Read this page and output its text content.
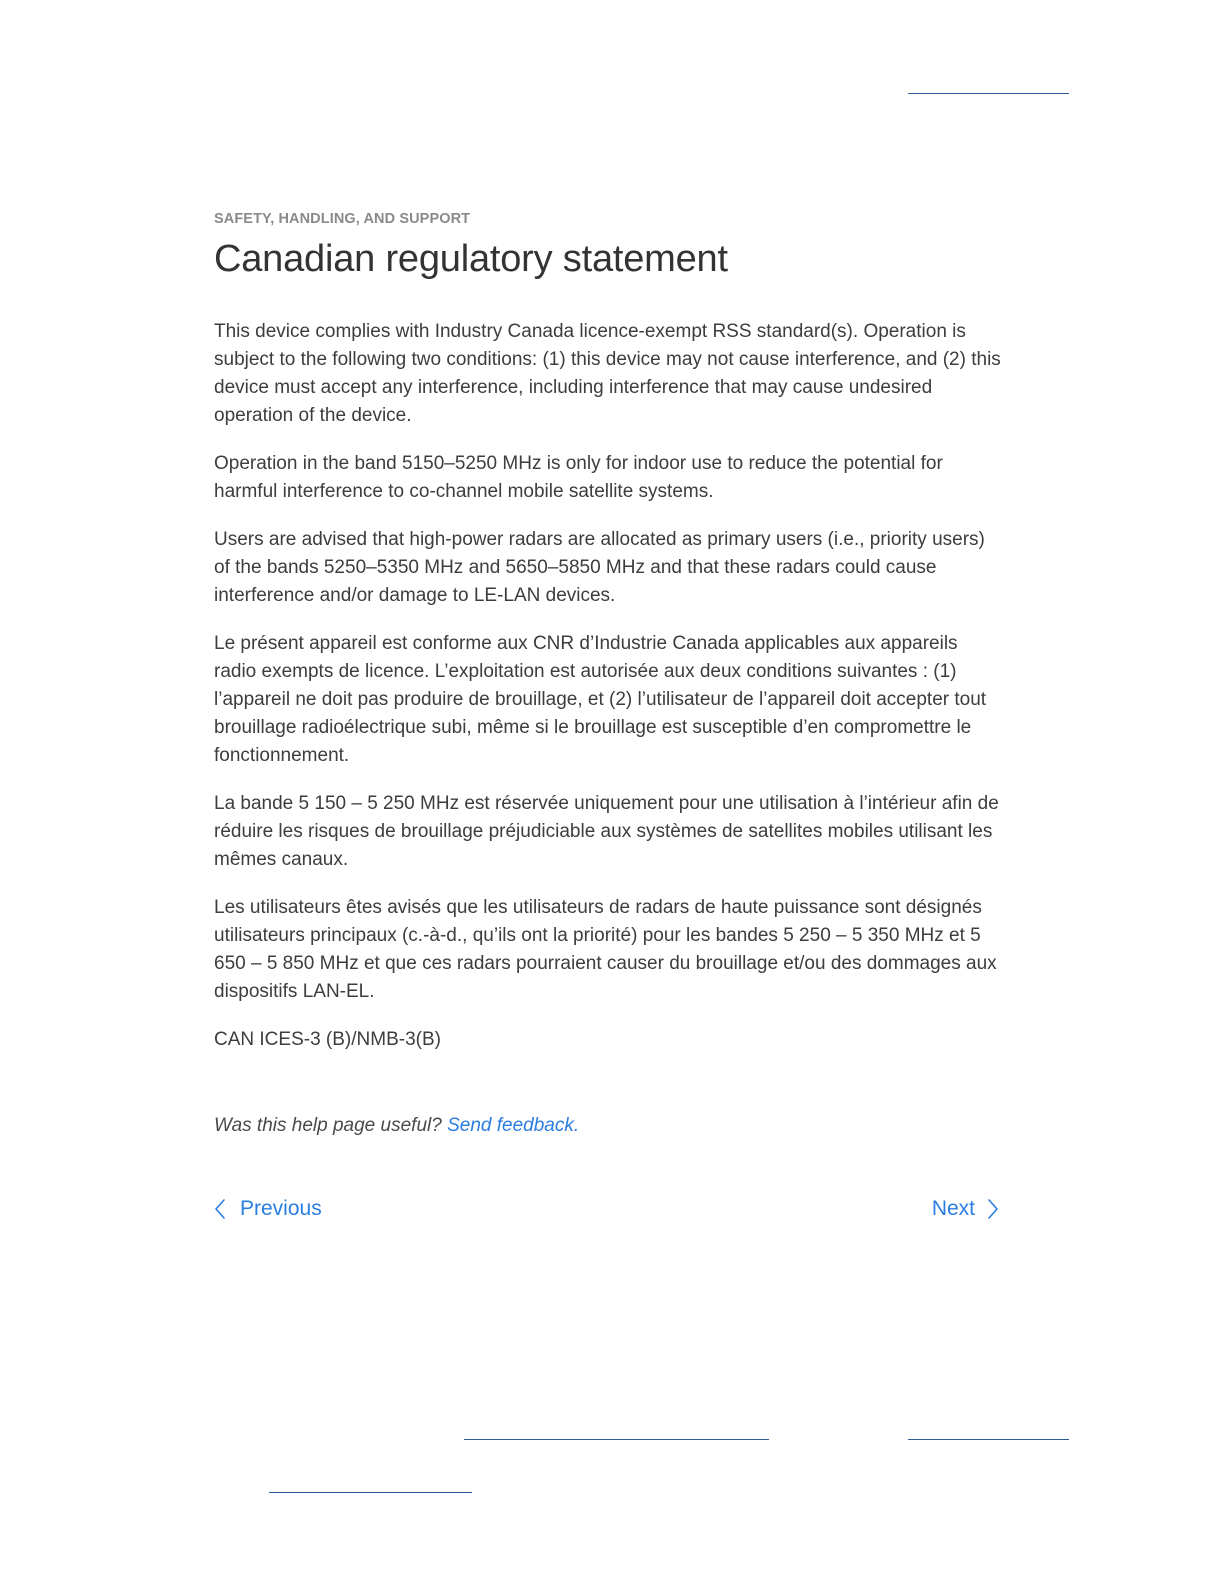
SAFETY, HANDLING, AND SUPPORT

Canadian regulatory statement

This device complies with Industry Canada licence-exempt RSS standard(s). Operation is subject to the following two conditions: (1) this device may not cause interference, and (2) this device must accept any interference, including interference that may cause undesired operation of the device.

Operation in the band 5150–5250 MHz is only for indoor use to reduce the potential for harmful interference to co-channel mobile satellite systems.

Users are advised that high-power radars are allocated as primary users (i.e., priority users) of the bands 5250–5350 MHz and 5650–5850 MHz and that these radars could cause interference and/or damage to LE-LAN devices.

Le présent appareil est conforme aux CNR d’Industrie Canada applicables aux appareils radio exempts de licence. L’exploitation est autorisée aux deux conditions suivantes : (1) l’appareil ne doit pas produire de brouillage, et (2) l’utilisateur de l’appareil doit accepter tout brouillage radioélectrique subi, même si le brouillage est susceptible d’en compromettre le fonctionnement.

La bande 5 150 – 5 250 MHz est réservée uniquement pour une utilisation à l’intérieur afin de réduire les risques de brouillage préjudiciable aux systèmes de satellites mobiles utilisant les mêmes canaux.

Les utilisateurs êtes avisés que les utilisateurs de radars de haute puissance sont désignés utilisateurs principaux (c.-à-d., qu’ils ont la priorité) pour les bandes 5 250 – 5 350 MHz et 5 650 – 5 850 MHz et que ces radars pourraient causer du brouillage et/ou des dommages aux dispositifs LAN-EL.

CAN ICES-3 (B)/NMB-3(B)

Was this help page useful? Send feedback.
Previous	Next
